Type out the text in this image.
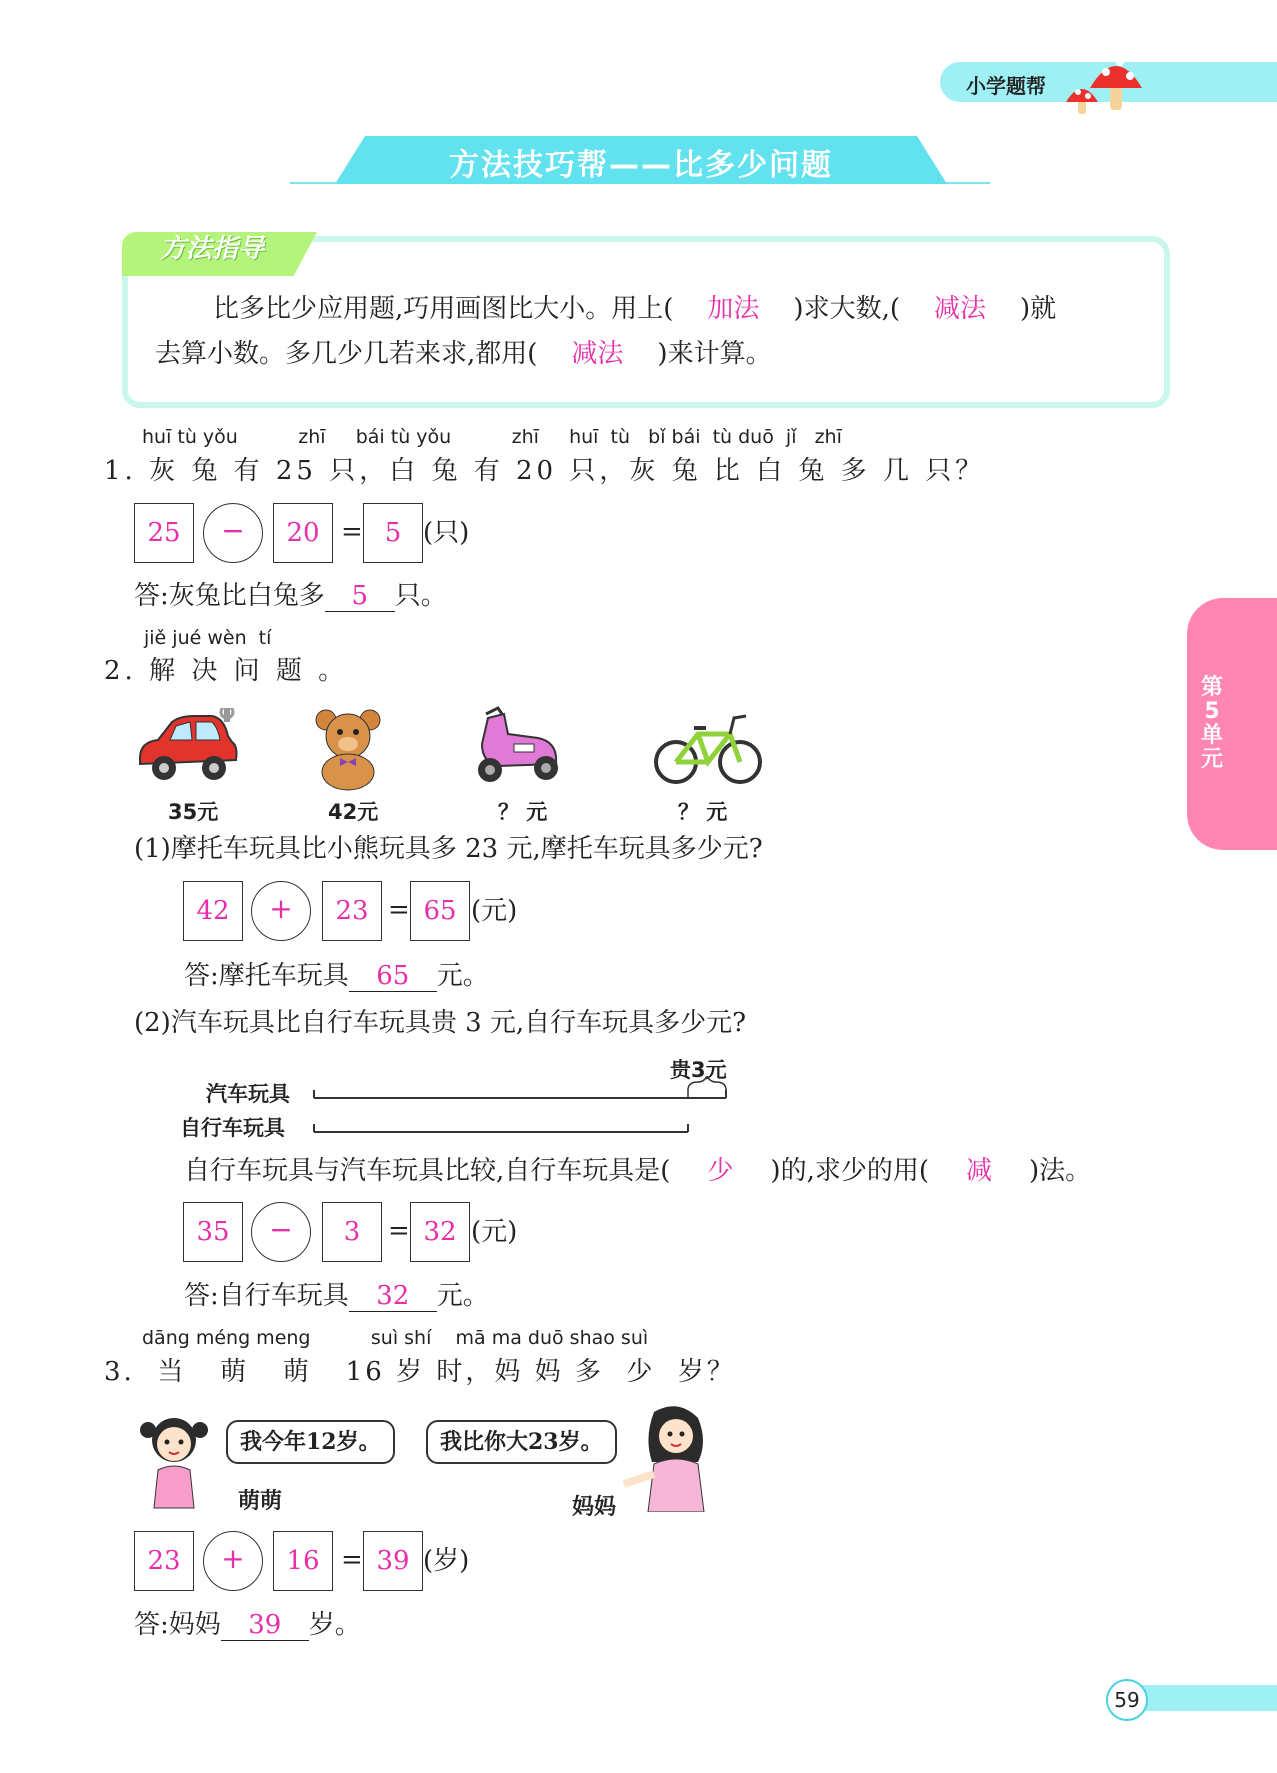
小学题帮
方法技巧帮——比多少问题
方法指导
比多比少应用题,巧用画图比大小。用上( 加法 )求大数,( 减法 )就
去算小数。多几少几若来求,都用( 减法 )来计算。
huī tù yǒu          zhī     bái tù yǒu          zhī     huī  tù   bǐ bái  tù duō  jǐ   zhī
1. 灰 兔 有 25 只，白 兔 有 20 只，灰 兔 比 白 兔 多 几 只？
25	−	20 = 5 (只)
答:灰兔比白兔多 5 只。
jiě jué wèn  tí
2. 解 决 问 题 。
35元	42元	？ 元	？ 元
(1)摩托车玩具比小熊玩具多 23 元,摩托车玩具多少元?
42	+	23 = 65 (元)
答:摩托车玩具 65 元。
(2)汽车玩具比自行车玩具贵 3 元,自行车玩具多少元?
贵3元
汽车玩具
自行车玩具
自行车玩具与汽车玩具比较,自行车玩具是( 少 )的,求少的用( 减 )法。
35	−	3	= 32 (元)
答:自行车玩具 32 元。
dāng méng meng          suì shí    mā ma duō shao suì
3.  当   萌   萌   16 岁 时，妈 妈 多  少  岁？
我今年12岁。
萌萌
我比你大23岁。
妈妈
23	+	16 = 39 (岁)
答:妈妈 39 岁。
第5单元
59
